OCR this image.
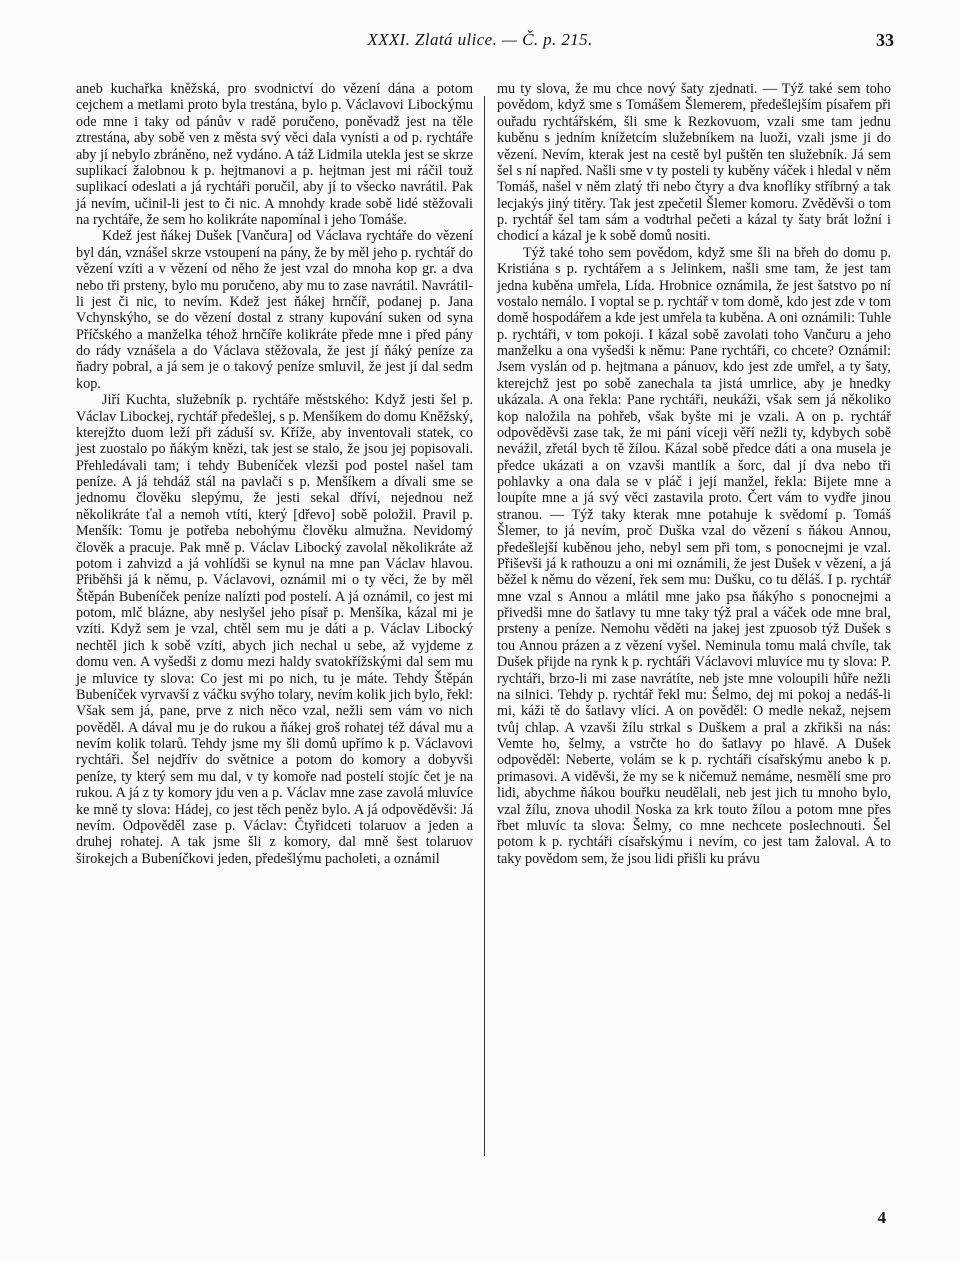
XXXI. Zlatá ulice. — Č. p. 215.	33

aneb kuchařka kněžská, pro svodnictví do vězení dána a potom cejchem a metlami proto byla trestána, bylo p. Václavovi Libockýmu ode mne i taky od pánův v radě poručeno, poněvadž jest na těle ztrestána, aby sobě ven z města svý věci dala vynísti a od p. rychtáře aby jí nebylo zbráněno, než vydáno. A táž Lidmila utekla jest se skrze suplikací žalobnou k p. hejtmanovi a p. hejtman jest mi ráčil touž suplikací odeslati a já rychtáři poručil, aby jí to všecko navrátil. Pak já nevím, učinil-li jest to či nic. A mnohdy krade sobě lidé stěžovali na rychtáře, že sem ho kolikráte napomínal i jeho Tomáše.

Kdež jest ňákej Dušek [Vančura] od Václava rychtáře do vězení byl dán, vznášel skrze vstoupení na pány, že by měl jeho p. rychtář do vězení vzíti a v vězení od něho že jest vzal do mnoha kop gr. a dva nebo tři prsteny, bylo mu poručeno, aby mu to zase navrátil. Navrátil-li jest či nic, to nevím. Kdež jest ňákej hrnčíř, podanej p. Jana Vchynskýho, se do vězení dostal z strany kupování suken od syna Příčského a manželka téhož hrnčíře kolikráte přede mne i před pány do rády vznášela a do Václava stěžovala, že jest jí ňáký peníze za ňadry pobral, a já sem je o takový peníze smluvil, že jest jí dal sedm kop.

Jiří Kuchta, služebník p. rychtáře městského: Když jesti šel p. Václav Libockej, rychtář předešlej, s p. Menšíkem do domu Kněžský, kterejžto duom leží při záduší sv. Kříže, aby inventovali statek, co jest zuostalo po ňákým knězi, tak jest se stalo, že jsou jej popisovali. Přehledávali tam; i tehdy Bubeníček vlezši pod postel našel tam peníze. A já tehdáž stál na pavlači s p. Menšíkem a dívali sme se jednomu člověku slepýmu, že jesti sekal dříví, nejednou než několikráte ťal a nemoh vtíti, který [dřevo] sobě položil. Pravil p. Menšík: Tomu je potřeba nebohýmu člověku almužna. Nevidomý člověk a pracuje. Pak mně p. Václav Libocký zavolal několikráte až potom i zahvizd a já vohlídši se kynul na mne pan Václav hlavou. Přiběhši já k němu, p. Václavovi, oznámil mi o ty věci, že by měl Štěpán Bubeníček peníze nalízti pod postelí. A já oznámil, co jest mi potom, mlč blázne, aby neslyšel jeho písař p. Menšíka, kázal mi je vzíti. Když sem je vzal, chtěl sem mu je dáti a p. Václav Libocký nechtěl jich k sobě vzíti, abych jich nechal u sebe, až vyjdeme z domu ven. A vyšedši z domu mezi haldy svatokřížskými dal sem mu je mluvice ty slova: Co jest mi po nich, tu je máte. Tehdy Štěpán Bubeníček vyrvavší z váčku svýho tolary, nevím kolik jich bylo, řekl: Však sem já, pane, prve z nich něco vzal, nežli sem vám vo nich pověděl. A dával mu je do rukou a ňákej groš rohatej též dával mu a nevím kolik tolarů. Tehdy jsme my šli domů upřímo k p. Václavovi rychtáři. Šel nejdřív do světnice a potom do komory a dobyvši peníze, ty který sem mu dal, v ty komoře nad postelí stojíc čet je na rukou. A já z ty komory jdu ven a p. Václav mne zase zavolá mluvíce ke mně ty slova: Hádej, co jest těch peněz bylo. A já odpověděvši: Já nevím. Odpověděl zase p. Václav: Čtyřidceti tolaruov a jeden a druhej rohatej. A tak jsme šli z komory, dal mně šest tolaruov širokejch a Bubeníčkovi jeden, předešlýmu pacholeti, a oznámil

mu ty slova, že mu chce nový šaty zjednati. — Týž také sem toho povědom, když sme s Tomášem Šlemerem, předešlejším písařem při ouřadu rychtářském, šli sme k Rezkovuom, vzali sme tam jednu kuběnu s jedním knížetcím služebníkem na luoži, vzali jsme ji do vězení. Nevím, kterak jest na cestě byl puštěn ten služebník. Já sem šel s ní napřed. Našli sme v ty posteli ty kuběny váček i hledal v něm Tomáš, našel v něm zlatý tři nebo čtyry a dva knoflíky stříbrný a tak lecjakýs jiný titěry. Tak jest zpečetil Šlemer komoru. Zvěděvši o tom p. rychtář šel tam sám a vodtrhal pečeti a kázal ty šaty brát ložní i chodicí a kázal je k sobě domů nositi.

Týž také toho sem povědom, když sme šli na břeh do domu p. Kristiána s p. rychtářem a s Jelinkem, našli sme tam, že jest tam jedna kuběna umřela, Lída. Hrobnice oznámila, že jest šatstvo po ní vostalo nemálo. I voptal se p. rychtář v tom domě, kdo jest zde v tom domě hospodářem a kde jest umřela ta kuběna. A oni oznámili: Tuhle p. rychtáři, v tom pokoji. I kázal sobě zavolati toho Vančuru a jeho manželku a ona vyšedši k němu: Pane rychtáři, co chcete? Oznámil: Jsem vyslán od p. hejtmana a pánuov, kdo jest zde umřel, a ty šaty, kterejchž jest po sobě zanechala ta jistá umrlice, aby je hnedky ukázala. A ona řekla: Pane rychtáři, neukáži, však sem já několiko kop naložila na pohřeb, však byšte mi je vzali. A on p. rychtář odpověděvši zase tak, že mi páni víceji věří nežli ty, kdybych sobě nevážil, zřetál bych tě žílou. Kázal sobě předce dáti a ona musela je předce ukázati a on vzavši mantlík a šorc, dal jí dva nebo tři pohlavky a ona dala se v pláč i její manžel, řekla: Bijete mne a loupíte mne a já svý věci zastavila proto. Čert vám to vydře jinou stranou. — Týž taky kterak mne potahuje k svědomí p. Tomáš Šlemer, to já nevím, proč Duška vzal do vězení s ňákou Annou, předešlejší kuběnou jeho, nebyl sem při tom, s ponocnejmi je vzal. Přiševši já k rathouzu a oni mi oznámili, že jest Dušek v vězení, a já běžel k němu do vězení, řek sem mu: Dušku, co tu děláš. I p. rychtář mne vzal s Annou a mlátil mne jako psa ňákýho s ponocnejmi a přivedši mne do šatlavy tu mne taky týž pral a váček ode mne bral, prsteny a peníze. Nemohu věděti na jakej jest zpuosob týž Dušek s tou Annou prázen a z vězení vyšel. Neminula tomu malá chvíle, tak Dušek přijde na rynk k p. rychtáři Václavovi mluvíce mu ty slova: P. rychtáři, brzo-li mi zase navrátíte, neb jste mne voloupili hůře nežli na silnici. Tehdy p. rychtář řekl mu: Šelmo, dej mi pokoj a nedáš-li mi, káži tě do šatlavy vlíci. A on pověděl: O medle nekaž, nejsem tvůj chlap. A vzavši žílu strkal s Duškem a pral a zkřikši na nás: Vemte ho, šelmy, a vstrčte ho do šatlavy po hlavě. A Dušek odpověděl: Neberte, volám se k p. rychtáři císařskýmu anebo k p. primasovi. A viděvši, že my se k ničemuž nemáme, nesmělí sme pro lidi, abychme ňákou bouřku neudělali, neb jest jich tu mnoho bylo, vzal žílu, znova uhodil Noska za krk touto žílou a potom mne přes řbet mluvíc ta slova: Šelmy, co mne nechcete poslechnouti. Šel potom k p. rychtáři císařskýmu i nevím, co jest tam žaloval. A to taky povědom sem, že jsou lidi přišli ku právu

4
